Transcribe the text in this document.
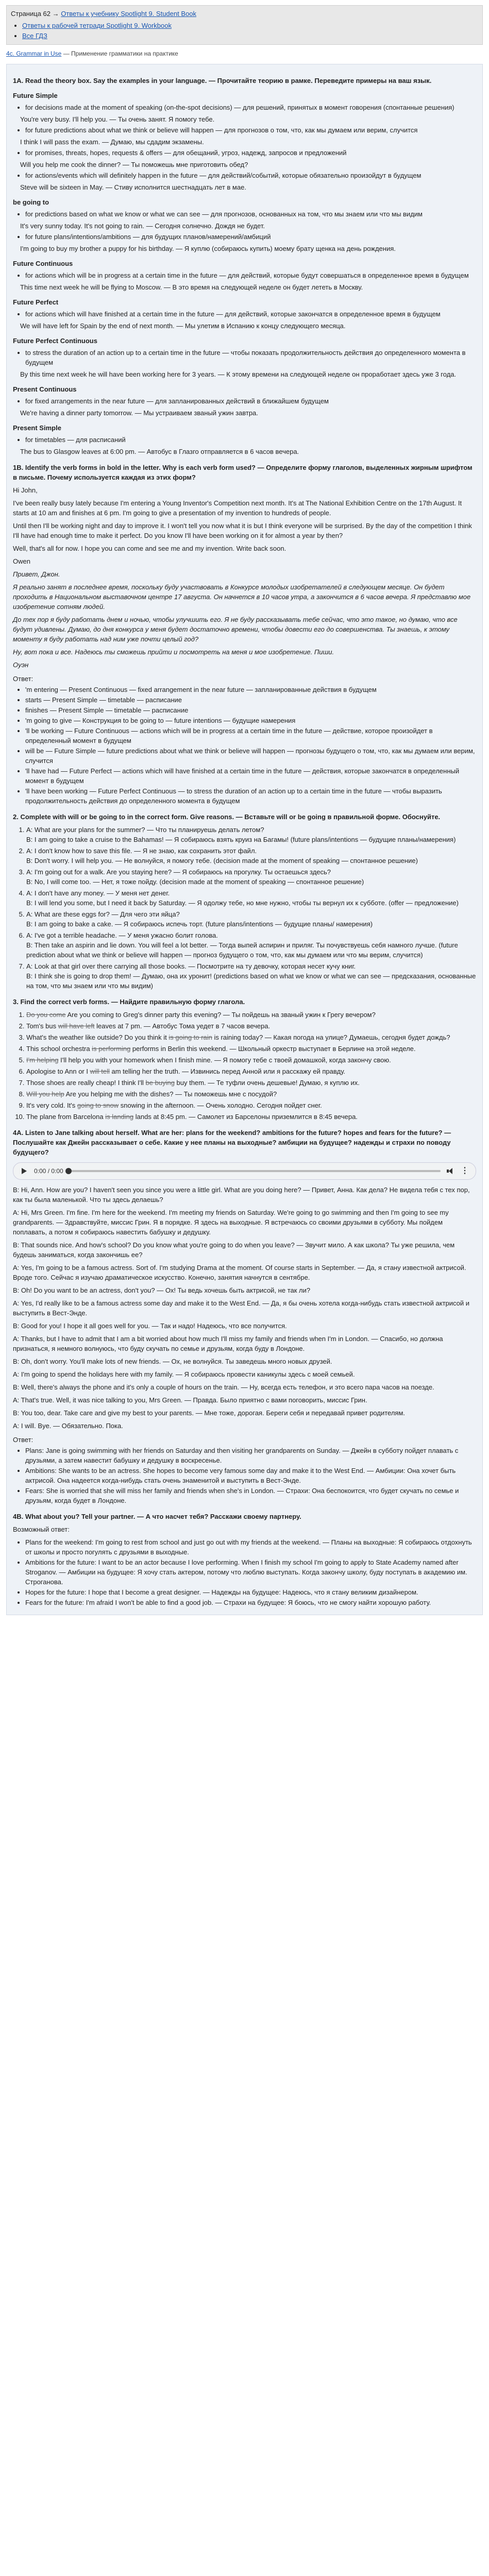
Страница 62 → Ответы к учебнику Spotlight 9. Student Book
• Ответы к рабочей тетради Spotlight 9. Workbook
• Все ГДЗ
4c. Grammar in Use — Применение грамматики на практике
1A. Read the theory box. Say the examples in your language. — Прочитайте теорию в рамке. Переведите примеры на ваш язык.
Future Simple
• for decisions made at the moment of speaking (on-the-spot decisions) — для решений, принятых в момент говорения (спонтанные решения)
You're very busy. I'll help you. — Ты очень занят. Я помогу тебе.
• for future predictions about what we think or believe will happen — для прогнозов о том, что, как мы думаем или верим, случится
I think I will pass the exam. — Думаю, мы сдадим экзамены.
• for promises, threats, hopes, requests & offers — для обещаний, угроз, надежд, запросов и предложений
Will you help me cook the dinner? — Ты поможешь мне приготовить обед?
• for actions/events which will definitely happen in the future — для действий/событий, которые обязательно произойдут в будущем
Steve will be sixteen in May. — Стиву исполнится шестнадцать лет в мае.
be going to
• for predictions based on what we know or what we can see — для прогнозов, основанных на том, что мы знаем или что мы видим
It's very sunny today. It's not going to rain. — Сегодня солнечно. Дождя не будет.
• for future plans/intentions/ambitions — для будущих планов/намерений/амбиций
I'm going to buy my brother a puppy for his birthday. — Я куплю (собираюсь купить) моему брату щенка на день рождения.
Future Continuous
• for actions which will be in progress at a certain time in the future — для действий, которые будут совершаться в определенное время в будущем
This time next week he will be flying to Moscow. — В это время на следующей неделе он будет лететь в Москву.
Future Perfect
• for actions which will have finished at a certain time in the future — для действий, которые закончатся в определенное время в будущем
We will have left for Spain by the end of next month. — Мы улетим в Испанию к концу следующего месяца.
Future Perfect Continuous
• to stress the duration of an action up to a certain time in the future — чтобы показать продолжительность действия до определенного момента в будущем
By this time next week he will have been working here for 3 years. — К этому времени на следующей неделе он проработает здесь уже 3 года.
Present Continuous
• for fixed arrangements in the near future — для запланированных действий в ближайшем будущем
We're having a dinner party tomorrow. — Мы устраиваем званый ужин завтра.
Present Simple
• for timetables — для расписаний
The bus to Glasgow leaves at 6:00 pm. — Автобус в Глазго отправляется в 6 часов вечера.
1B. Identify the verb forms in bold in the letter. Why is each verb form used? — Определите форму глаголов, выделенных жирным шрифтом в письме. Почему используется каждая из этих форм?

Hi John,

I've been really busy lately because I'm entering a Young Inventor's Competition next month. It's at The National Exhibition Centre on the 17th August. It starts at 10 am and finishes at 6 pm. I'm going to give a presentation of my invention to hundreds of people.

Until then I'll be working night and day to improve it. I won't tell you now what it is but I think everyone will be surprised. By the day of the competition I think I'll have had enough time to make it perfect. Do you know I'll have been working on it for almost a year by then?

Well, that's all for now. I hope you can come and see me and my invention. Write back soon.

Owen

Привет, Джон.

Я реально занят в последнее время, поскольку буду участвовать в Конкурсе молодых изобретателей в следующем месяце. Он будет проходить в Национальном выставочном центре 17 августа. Он начнется в 10 часов утра, а закончится в 6 часов вечера. Я представлю мое изобретение сотням людей.

До тех пор я буду работать днем и ночью, чтобы улучшить его. Я не буду рассказывать тебе сейчас, что это такое, но думаю, что все будут удивлены. Думаю, до дня конкурса у меня будет достаточно времени, чтобы довести его до совершенства. Ты знаешь, к этому моменту я буду работать над ним уже почти целый год?

Ну, вот пока и все. Надеюсь ты сможешь прийти и посмотреть на меня и мое изобретение. Пиши.

Оуэн

Ответ:
• 'm entering — Present Continuous — fixed arrangement in the near future — запланированные действия в будущем
• starts — Present Simple — timetable — расписание
• finishes — Present Simple — timetable — расписание
• 'm going to give — Конструкция to be going to — future intentions — будущие намерения
• 'll be working — Future Continuous — actions which will be in progress at a certain time in the future — действие, которое произойдет в определенный момент в будущем
• will be — Future Simple — future predictions about what we think or believe will happen — прогнозы будущего о том, что, как мы думаем или верим, случится
• 'll have had — Future Perfect — actions which will have finished at a certain time in the future — действия, которые закончатся в определенный момент в будущем
• 'll have been working — Future Perfect Continuous — to stress the duration of an action up to a certain time in the future — чтобы выразить продолжительность действия до определенного момента в будущем
2. Complete with will or be going to in the correct form. Give reasons. — Вставьте will or be going в правильной форме. Обоснуйте.
1. A: What are your plans for the summer? — Что ты планируешь делать летом?
B: I am going to take a cruise to the Bahamas! — Я собираюсь взять круиз на Багамы! (future plans/intentions — будущие планы/намерения)
2. A: I don't know how to save this file. — Я не знаю, как сохранить этот файл.
B: Don't worry. I will help you. — Не волнуйся, я помогу тебе. (decision made at the moment of speaking — спонтанное решение)
3. A: I'm going out for a walk. Are you staying here? — Я собираюсь на прогулку. Ты остаешься здесь?
B: No, I will come too. — Нет, я тоже пойду. (decision made at the moment of speaking — спонтанное решение)
4. A: I don't have any money. — У меня нет денег.
B: I will lend you some, but I need it back by Saturday. — Я одолжу тебе, но мне нужно, чтобы ты вернул их к субботе. (offer — предложение)
5. A: What are these eggs for? — Для чего эти яйца?
B: I am going to bake a cake. — Я собираюсь испечь торт. (future plans/intentions — будущие планы/ намерения)
6. A: I've got a terrible headache. — У меня ужасно болит голова.
B: Then take an aspirin and lie down. You will feel a lot better. — Тогда выпей аспирин и приляг. Ты почувствуешь себя намного лучше. (future prediction about what we think or believe will happen — прогноз будущего о том, что, как мы думаем или что мы верим, случится)
7. A: Look at that girl over there carrying all those books. — Посмотрите на ту девочку, которая несет кучу книг.
B: I think she is going to drop them! — Думаю, она их уронит! (predictions based on what we know or what we can see — предсказания, основанные на том, что мы знаем или что мы видим)
3. Find the correct verb forms. — Найдите правильную форму глагола.
1. Do you come Are you coming to Greg's dinner party this evening? — Ты пойдешь на званый ужин к Грегу вечером?
2. Tom's bus will have left leaves at 7 pm. — Автобус Тома уедет в 7 часов вечера.
3. What's the weather like outside? Do you think it is going to rain is raining today? — Какая погода на улице? Думаешь, сегодня будет дождь?
4. This school orchestra is performing performs in Berlin this weekend. — Школьный оркестр выступает в Берлине на этой неделе.
5. I'm helping I'll help you with your homework when I finish mine. — Я помогу тебе с твоей домашкой, когда закончу свою.
6. Apologise to Ann or I will tell am telling her the truth. — Извинись перед Анной или я расскажу ей правду.
7. Those shoes are really cheap! I think I'll be buying buy them. — Те туфли очень дешевые! Думаю, я куплю их.
8. Will you help Are you helping me with the dishes? — Ты поможешь мне с посудой?
9. It's very cold. It's going to snow snowing in the afternoon. — Очень холодно. Сегодня пойдет снег.
10. The plane from Barcelona is landing lands at 8:45 pm. — Самолет из Барселоны приземлится в 8:45 вечера.
4A. Listen to Jane talking about herself. What are her: plans for the weekend? ambitions for the future? hopes and fears for the future? — Послушайте как Джейн рассказывает о себе. Какие у нее планы на выходные? амбиции на будущее? надежды и страхи по поводу будущего?
0:00 / 0:00	⋮

B: Hi, Ann. How are you? I haven't seen you since you were a little girl. What are you doing here? — Привет, Анна. Как дела? Не видела тебя с тех пор, как ты была маленькой. Что ты здесь делаешь?

A: Hi, Mrs Green. I'm fine. I'm here for the weekend. I'm meeting my friends on Saturday. We're going to go swimming and then I'm going to see my grandparents. — Здравствуйте, миссис Грин. Я в порядке. Я здесь на выходные. Я встречаюсь со своими друзьями в субботу. Мы пойдем поплавать, а потом я собираюсь навестить бабушку и дедушку.

B: That sounds nice. And how's school? Do you know what you're going to do when you leave? — Звучит мило. А как школа? Ты уже решила, чем будешь заниматься, когда закончишь ее?

A: Yes, I'm going to be a famous actress. Sort of. I'm studying Drama at the moment. Of course starts in September. — Да, я стану известной актрисой. Вроде того. Сейчас я изучаю драматическое искусство. Конечно, занятия начнутся в сентябре.

B: Oh! Do you want to be an actress, don't you? — Ох! Ты ведь хочешь быть актрисой, не так ли?

A: Yes, I'd really like to be a famous actress some day and make it to the West End. — Да, я бы очень хотела когда-нибудь стать известной актрисой и выступить в Вест-Энде.

B: Good for you! I hope it all goes well for you. — Так и надо! Надеюсь, что все получится.

A: Thanks, but I have to admit that I am a bit worried about how much I'll miss my family and friends when I'm in London. — Спасибо, но должна признаться, я немного волнуюсь, что буду скучать по семье и друзьям, когда буду в Лондоне.

B: Oh, don't worry. You'll make lots of new friends. — Ох, не волнуйся. Ты заведешь много новых друзей.

A: I'm going to spend the holidays here with my family. — Я собираюсь провести каникулы здесь с моей семьей.

B: Well, there's always the phone and it's only a couple of hours on the train. — Ну, всегда есть телефон, и это всего пара часов на поезде.

A: That's true. Well, it was nice talking to you, Mrs Green. — Правда. Было приятно с вами поговорить, миссис Грин.

B: You too, dear. Take care and give my best to your parents. — Мне тоже, дорогая. Береги себя и передавай привет родителям.

A: I will. Bye. — Обязательно. Пока.

Ответ:
• Plans: Jane is going swimming with her friends on Saturday and then visiting her grandparents on Sunday. — Джейн в субботу пойдет плавать с друзьями, а затем навестит бабушку и дедушку в воскресенье.
• Ambitions: She wants to be an actress. She hopes to become very famous some day and make it to the West End. — Амбиции: Она хочет быть актрисой. Она надеется когда-нибудь стать очень знаменитой и выступить в Вест-Энде.
• Fears: She is worried that she will miss her family and friends when she's in London. — Страхи: Она беспокоится, что будет скучать по семье и друзьям, когда будет в Лондоне.
4B. What about you? Tell your partner. — А что насчет тебя? Расскажи своему партнеру.

Возможный ответ:

• Plans for the weekend: I'm going to rest from school and just go out with my friends at the weekend. — Планы на выходные: Я собираюсь отдохнуть от школы и просто погулять с друзьями в выходные.
• Ambitions for the future: I want to be an actor because I love performing. When I finish my school I'm going to apply to State Academy named after Stroganov. — Амбиции на будущее: Я хочу стать актером, потому что люблю выступать. Когда закончу школу, буду поступать в академию им. Строганова.
• Hopes for the future: I hope that I become a great designer. — Надежды на будущее: Надеюсь, что я стану великим дизайнером.
• Fears for the future: I'm afraid I won't be able to find a good job. — Страхи на будущее: Я боюсь, что не смогу найти хорошую работу.
